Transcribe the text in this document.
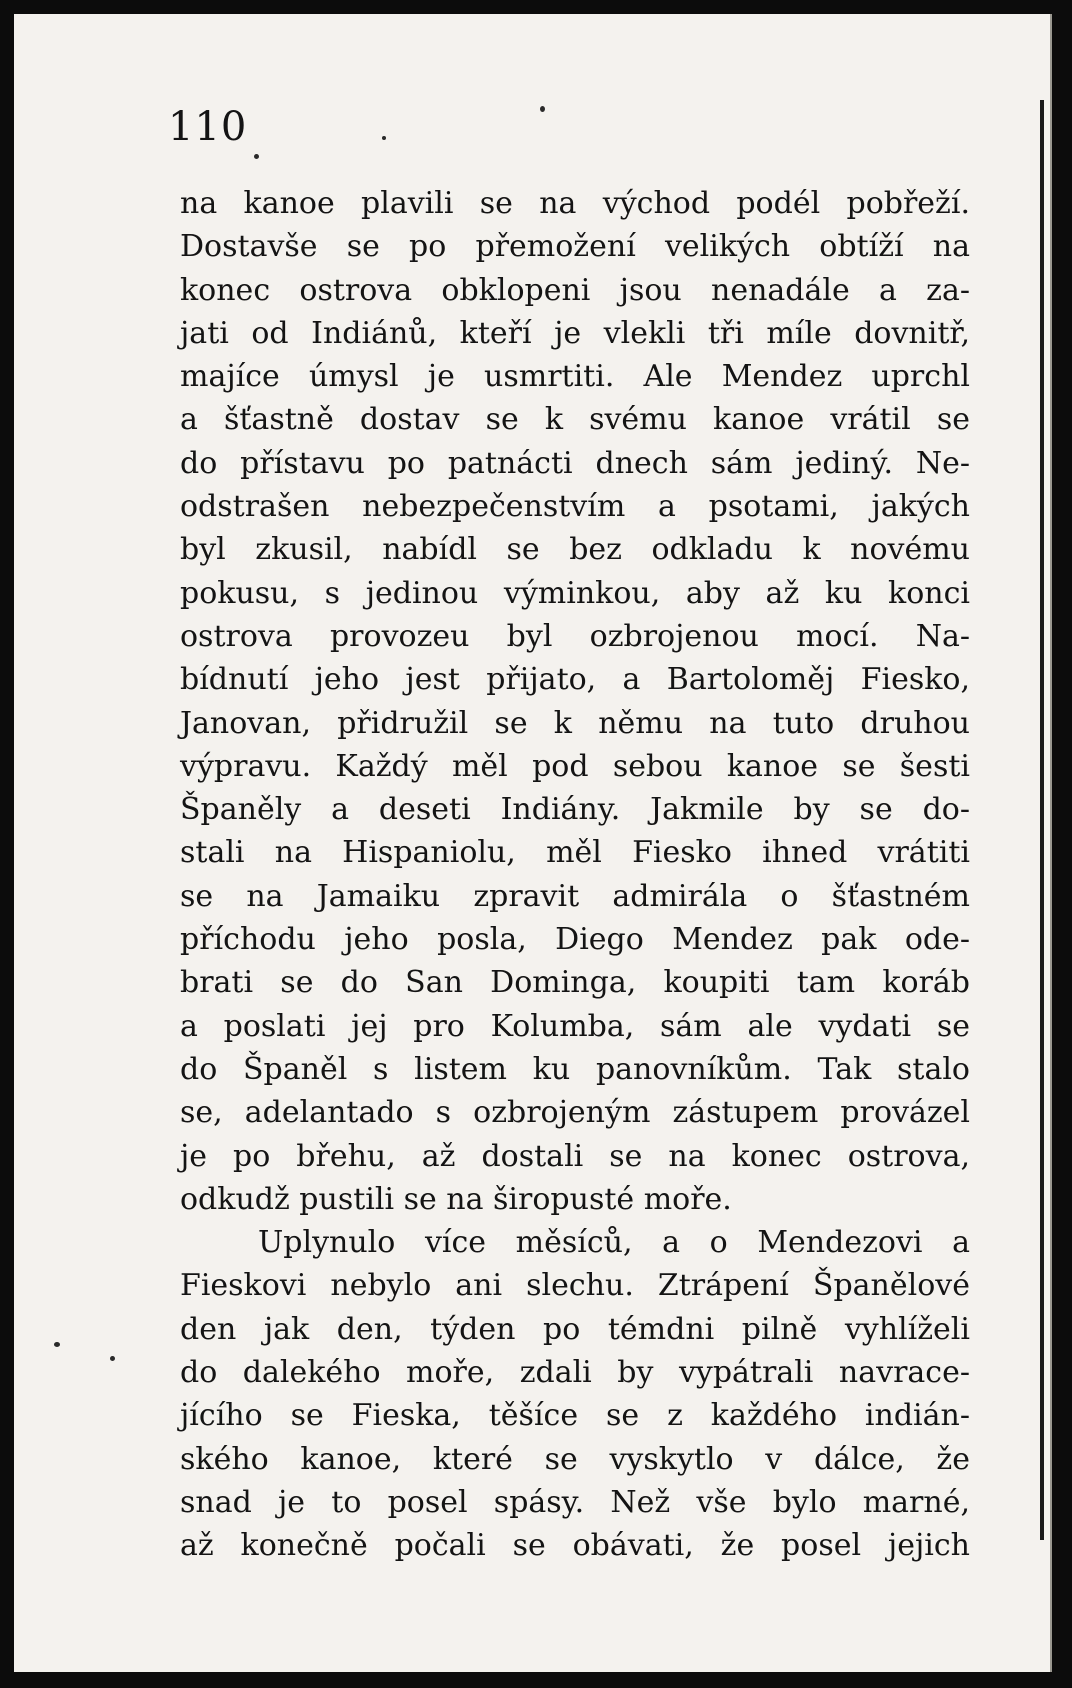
110
na kanoe plavili se na východ podél pobřeží.
Dostavše se po přemožení velikých obtíží na
konec ostrova obklopeni jsou nenadále a za-
jati od Indiánů, kteří je vlekli tři míle dovnitř,
majíce úmysl je usmrtiti. Ale Mendez uprchl
a šťastně dostav se k svému kanoe vrátil se
do přístavu po patnácti dnech sám jediný. Ne-
odstrašen nebezpečenstvím a psotami, jakých
byl zkusil, nabídl se bez odkladu k novému
pokusu, s jedinou výminkou, aby až ku konci
ostrova provozeu byl ozbrojenou mocí. Na-
bídnutí jeho jest přijato, a Bartoloměj Fiesko,
Janovan, přidružil se k němu na tuto druhou
výpravu. Každý měl pod sebou kanoe se šesti
Španěly a deseti Indiány. Jakmile by se do-
stali na Hispaniolu, měl Fiesko ihned vrátiti
se na Jamaiku zpravit admirála o šťastném
příchodu jeho posla, Diego Mendez pak ode-
brati se do San Dominga, koupiti tam koráb
a poslati jej pro Kolumba, sám ale vydati se
do Španěl s listem ku panovníkům. Tak stalo
se, adelantado s ozbrojeným zástupem provázel
je po břehu, až dostali se na konec ostrova,
odkudž pustili se na širopusté moře.
Uplynulo více měsíců, a o Mendezovi a
Fieskovi nebylo ani slechu. Ztrápení Španělové
den jak den, týden po témdni pilně vyhlíželi
do dalekého moře, zdali by vypátrali navrace-
jícího se Fieska, těšíce se z každého indián-
ského kanoe, které se vyskytlo v dálce, že
snad je to posel spásy. Než vše bylo marné,
až konečně počali se obávati, že posel jejich
